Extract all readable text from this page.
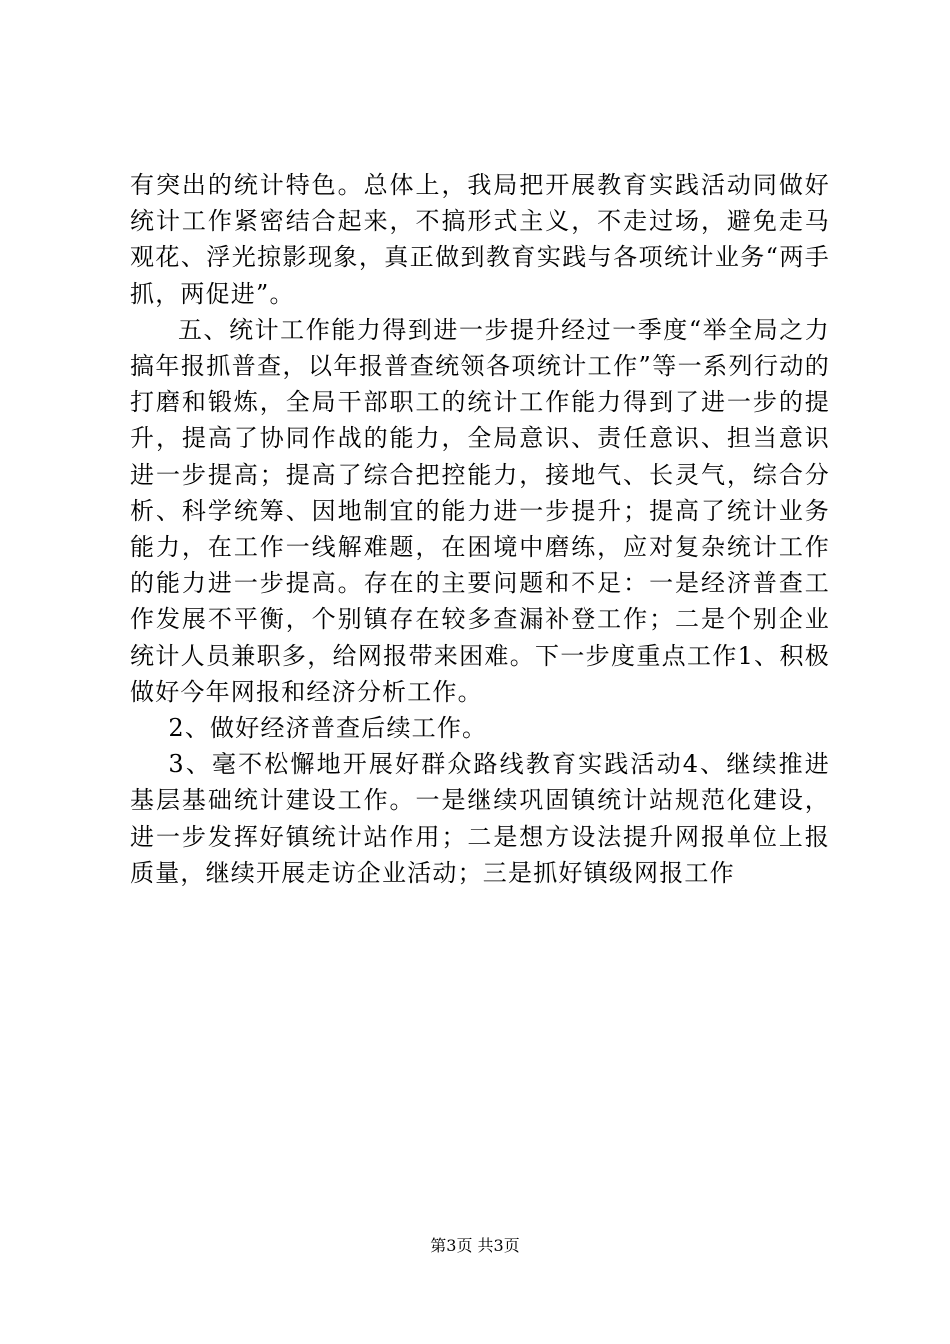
有突出的统计特色。总体上，我局把开展教育实践活动同做好统计工作紧密结合起来，不搞形式主义，不走过场，避免走马观花、浮光掠影现象，真正做到教育实践与各项统计业务“两手抓，两促进”。

五、统计工作能力得到进一步提升经过一季度“举全局之力搞年报抓普查，以年报普查统领各项统计工作”等一系列行动的打磨和锻炼，全局干部职工的统计工作能力得到了进一步的提升，提高了协同作战的能力，全局意识、责任意识、担当意识进一步提高；提高了综合把控能力，接地气、长灵气，综合分析、科学统筹、因地制宜的能力进一步提升；提高了统计业务能力，在工作一线解难题，在困境中磨练，应对复杂统计工作的能力进一步提高。存在的主要问题和不足：一是经济普查工作发展不平衡，个别镇存在较多查漏补登工作；二是个别企业统计人员兼职多，给网报带来困难。下一步度重点工作1、积极做好今年网报和经济分析工作。

2、做好经济普查后续工作。

3、毫不松懈地开展好群众路线教育实践活动4、继续推进基层基础统计建设工作。一是继续巩固镇统计站规范化建设，进一步发挥好镇统计站作用；二是想方设法提升网报单位上报质量，继续开展走访企业活动；三是抓好镇级网报工作

第3页 共3页
